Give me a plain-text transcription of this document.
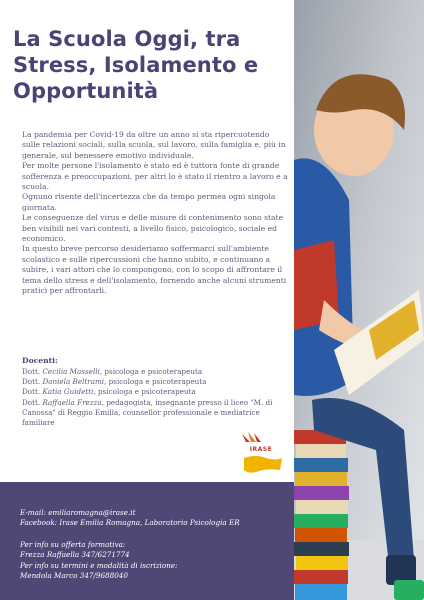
La Scuola Oggi, tra
Stress, Isolamento e
Opportunità

La pandemia per Covid-19 da oltre un anno si sta ripercuotendo sulle relazioni sociali, sulla scuola, sul lavoro, sulla famiglia e, più in generale, sul benessere emotivo individuale.

Per molte persone l'isolamento è stato ed è tuttora fonte di grande sofferenza e preoccupazioni, per altri lo è stato il rientro a lavoro e a scuola.

Ognuno risente dell'incertezza che da tempo permea ogni singola giornata.

Le conseguenze del virus e delle misure di contenimento sono state ben visibili nei vari contesti, a livello fisico, psicologico, sociale ed economico.

In questo breve percorso desideriamo soffermarci sull'ambiente scolastico e sulle ripercussioni che hanno subito, e continuano a subire, i vari attori che lo compongono, con lo scopo di affrontare il tema dello stress e dell'isolamento, fornendo anche alcuni strumenti pratici per affrontarli.

Docenti:
Dott. Cecilia Masselli, psicologa e psicoterapeuta
Dott. Daniela Beltrami, psicologa e psicoterapeuta
Dott. Katia Guidetti, psicologa e psicoterapeuta
Dott. Raffaella Frezza, pedagogista, insegnante presso il liceo "M. di Canossa" di Reggio Emilia, counsellor professionale e mediatrice familiare
IRASE
E-mail: emiliaromagna@irase.it
Facebook: Irase Emilia Romagna, Laboratorio Psicologia ER
Per info su offerta formativa:
Frezza Raffaella 347/6271774
Per info su termini e modalità di iscrizione:
Mendola Marco 347/9688040
